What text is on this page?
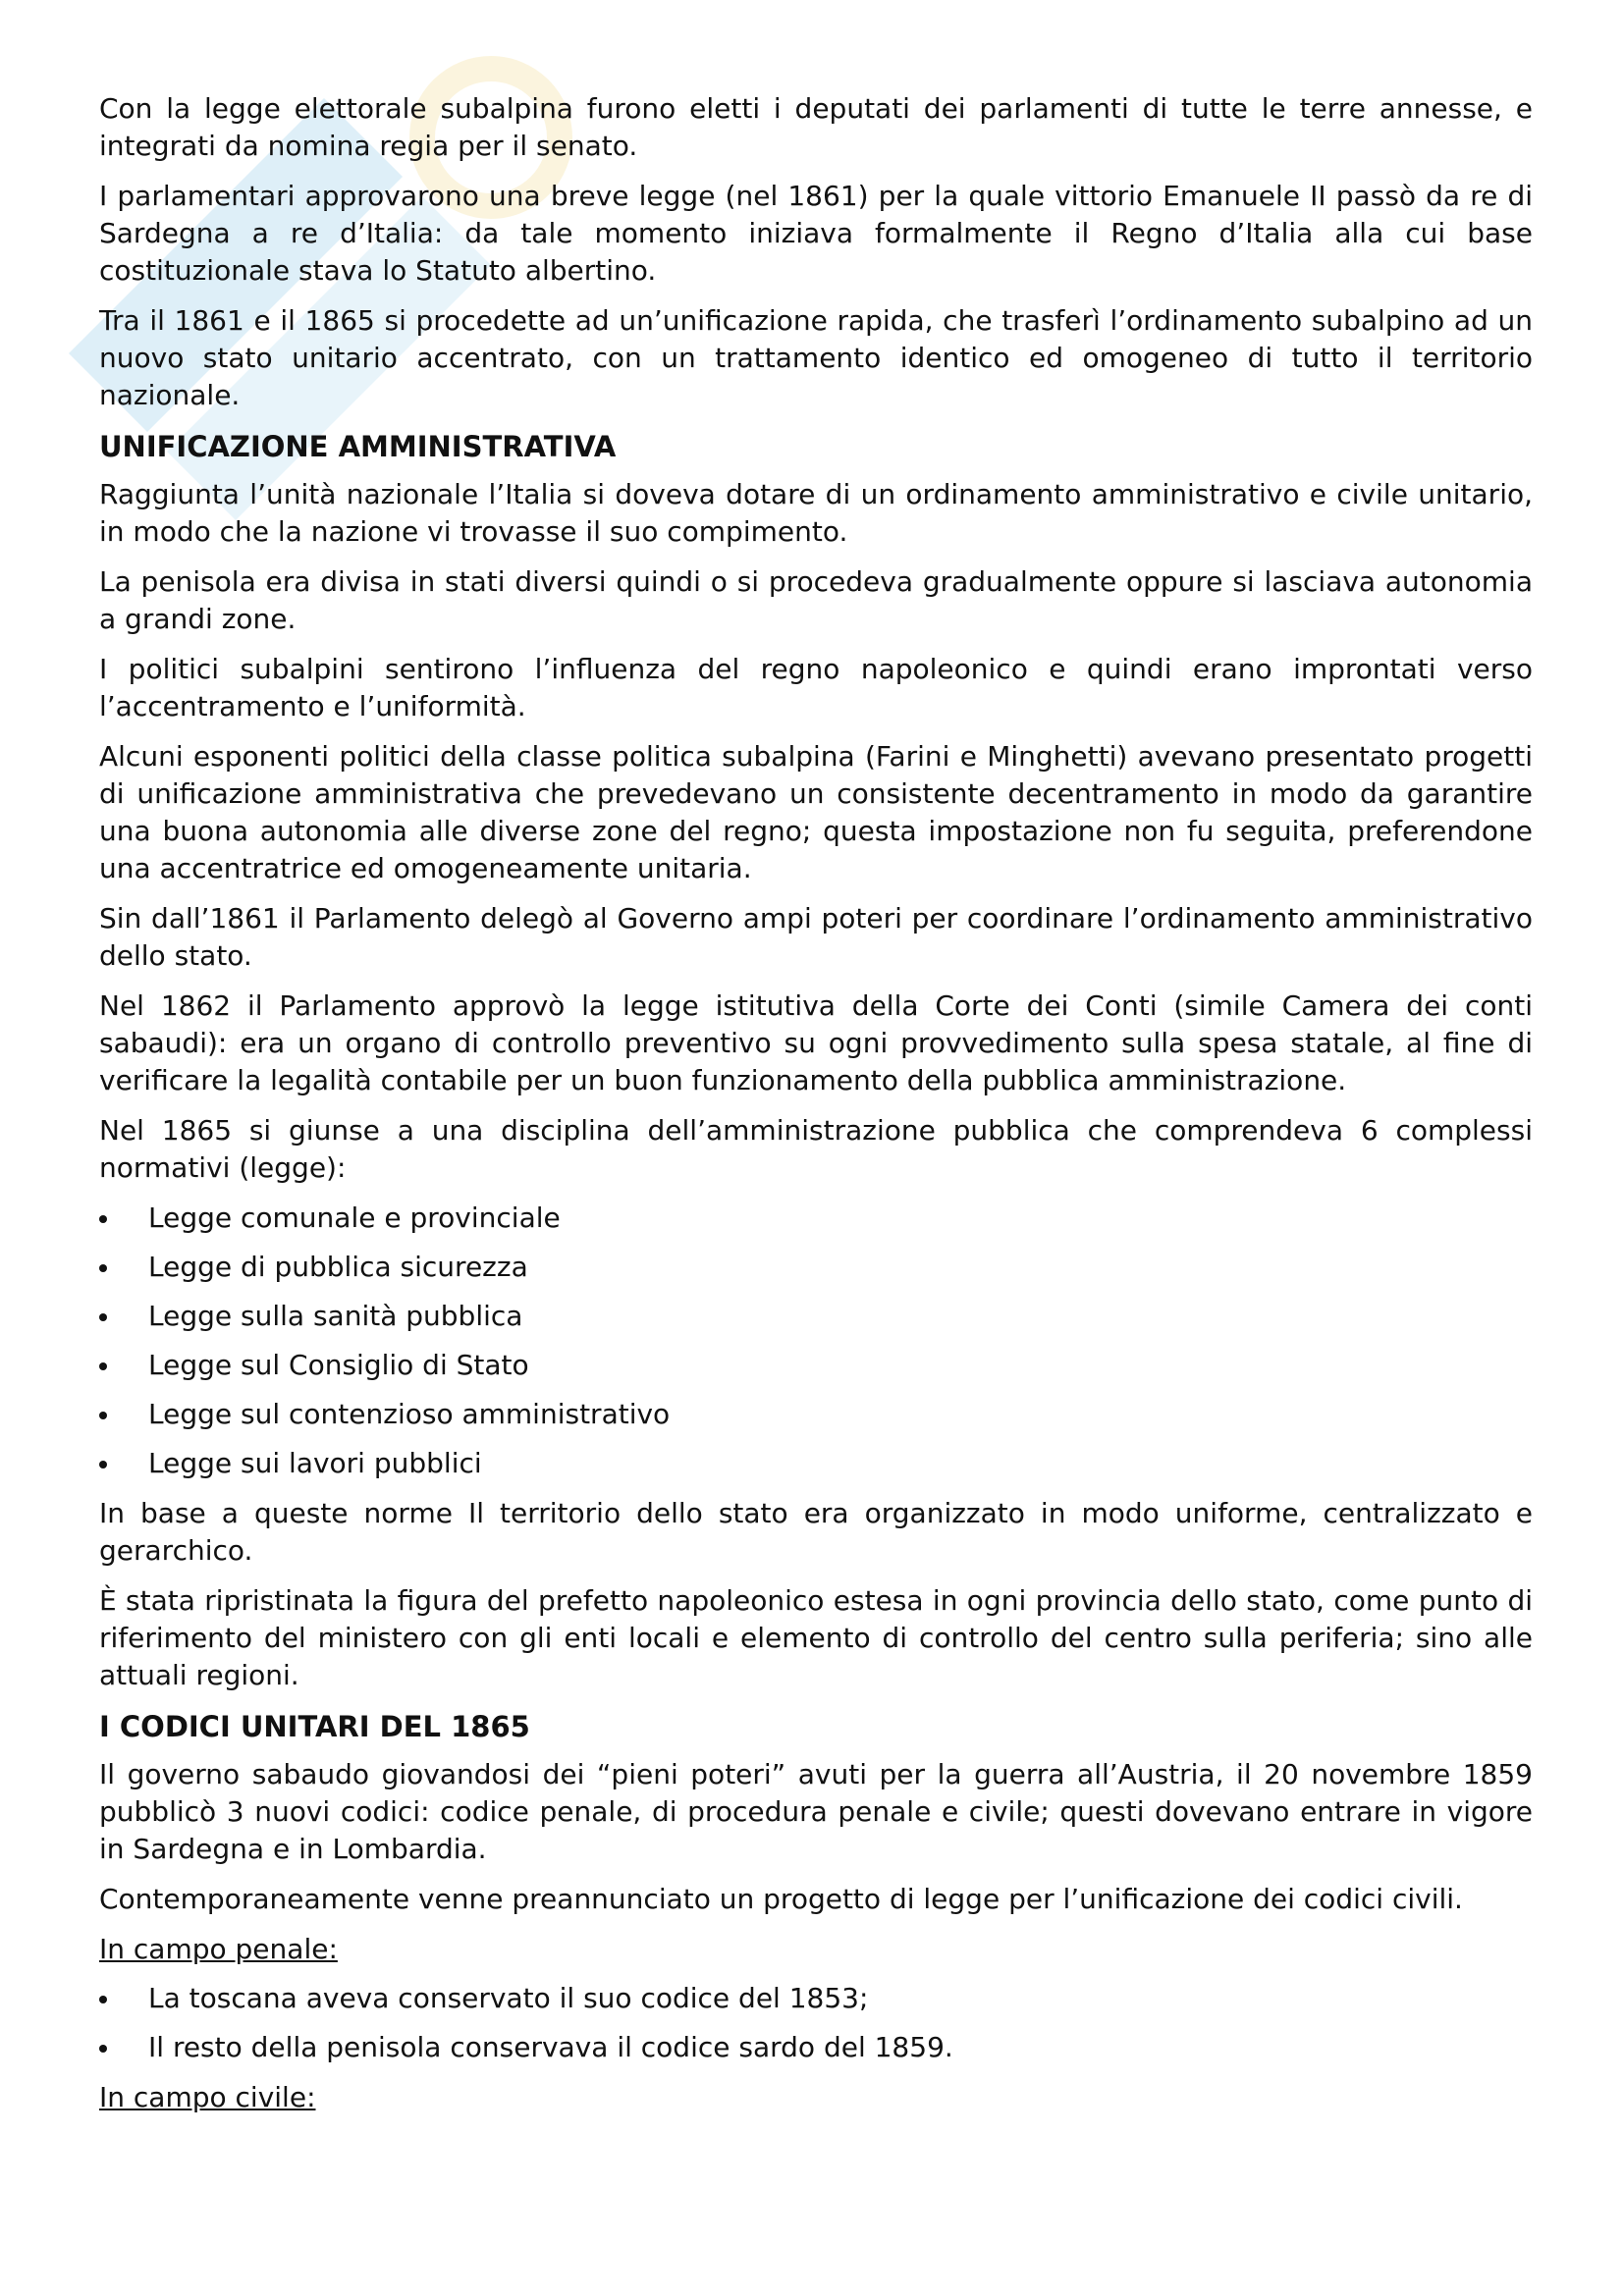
Con la legge elettorale subalpina furono eletti i deputati dei parlamenti di tutte le terre annesse, e integrati da nomina regia per il senato.

I parlamentari approvarono una breve legge (nel 1861) per la quale vittorio Emanuele II passò da re di Sardegna a re d’Italia: da tale momento iniziava formalmente il Regno d’Italia alla cui base costituzionale stava lo Statuto albertino.

Tra il 1861 e il 1865 si procedette ad un’unificazione rapida, che trasferì l’ordinamento subalpino ad un nuovo stato unitario accentrato, con un trattamento identico ed omogeneo di tutto il territorio nazionale.

UNIFICAZIONE AMMINISTRATIVA

Raggiunta l’unità nazionale l’Italia si doveva dotare di un ordinamento amministrativo e civile unitario, in modo che la nazione vi trovasse il suo compimento.

La penisola era divisa in stati diversi quindi o si procedeva gradualmente oppure si lasciava autonomia a grandi zone.

I politici subalpini sentirono l’influenza del regno napoleonico e quindi erano improntati verso l’accentramento e l’uniformità.

Alcuni esponenti politici della classe politica subalpina (Farini e Minghetti) avevano presentato progetti di unificazione amministrativa che prevedevano un consistente decentramento in modo da garantire una buona autonomia alle diverse zone del regno; questa impostazione non fu seguita, preferendone una accentratrice ed omogeneamente unitaria.

Sin dall’1861 il Parlamento delegò al Governo ampi poteri per coordinare l’ordinamento amministrativo dello stato.

Nel 1862 il Parlamento approvò la legge istitutiva della Corte dei Conti (simile Camera dei conti sabaudi): era un organo di controllo preventivo su ogni provvedimento sulla spesa statale, al fine di verificare la legalità contabile per un buon funzionamento della pubblica amministrazione.

Nel 1865 si giunse a una disciplina dell’amministrazione pubblica che comprendeva 6 complessi normativi (legge):

Legge comunale e provinciale
Legge di pubblica sicurezza
Legge sulla sanità pubblica
Legge sul Consiglio di Stato
Legge sul contenzioso amministrativo
Legge sui lavori pubblici

In base a queste norme Il territorio dello stato era organizzato in modo uniforme, centralizzato e gerarchico.

È stata ripristinata la figura del prefetto napoleonico estesa in ogni provincia dello stato, come punto di riferimento del ministero con gli enti locali e elemento di controllo del centro sulla periferia; sino alle attuali regioni.

I CODICI UNITARI DEL 1865

Il governo sabaudo giovandosi dei “pieni poteri” avuti per la guerra all’Austria, il 20 novembre 1859 pubblicò 3 nuovi codici: codice penale, di procedura penale e civile; questi dovevano entrare in vigore in Sardegna e in Lombardia.

Contemporaneamente venne preannunciato un progetto di legge per l’unificazione dei codici civili.

In campo penale:

La toscana aveva conservato il suo codice del 1853;
Il resto della penisola conservava il codice sardo del 1859.

In campo civile:
